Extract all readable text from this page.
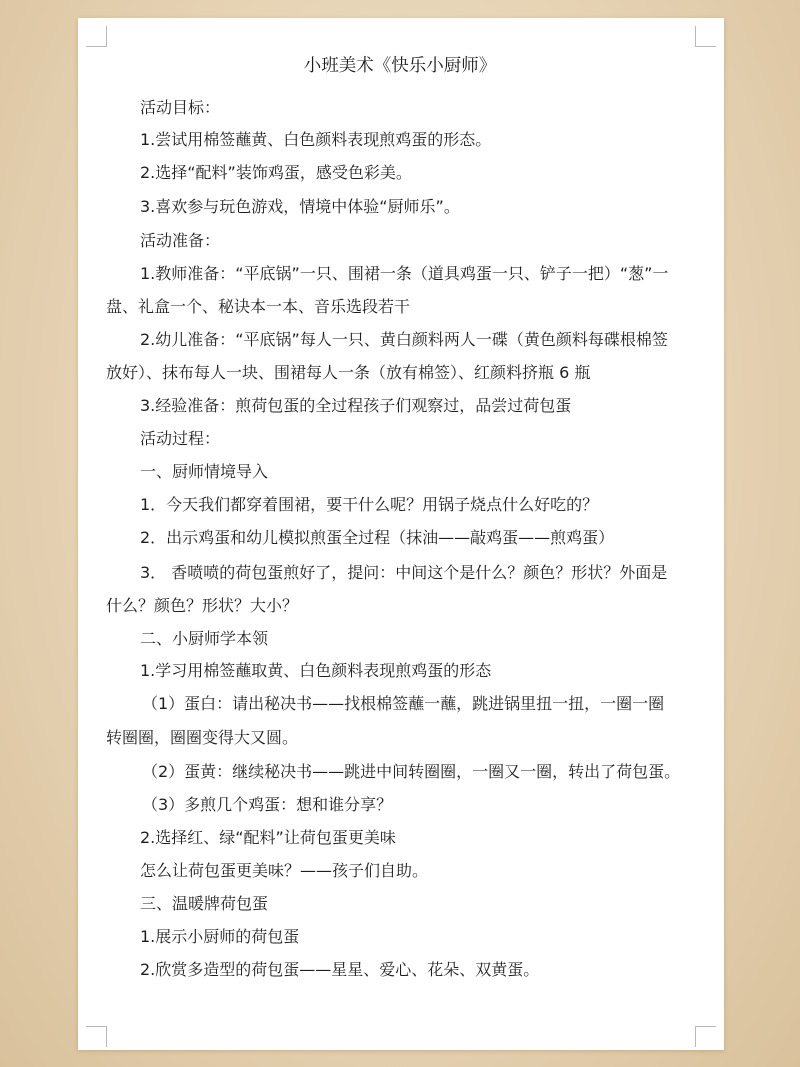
小班美术《快乐小厨师》
活动目标：
1.尝试用棉签蘸黄、白色颜料表现煎鸡蛋的形态。
2.选择“配料”装饰鸡蛋，感受色彩美。
3.喜欢参与玩色游戏，情境中体验“厨师乐”。
活动准备：
1.教师准备：“平底锅”一只、围裙一条（道具鸡蛋一只、铲子一把）“葱”一
盘、礼盒一个、秘诀本一本、音乐选段若干
2.幼儿准备：“平底锅”每人一只、黄白颜料两人一碟（黄色颜料每碟根棉签
放好）、抹布每人一块、围裙每人一条（放有棉签）、红颜料挤瓶 6 瓶
3.经验准备：煎荷包蛋的全过程孩子们观察过，品尝过荷包蛋
活动过程：
一、厨师情境导入
1．今天我们都穿着围裙，要干什么呢？用锅子烧点什么好吃的？
2．出示鸡蛋和幼儿模拟煎蛋全过程（抹油——敲鸡蛋——煎鸡蛋）
3． 香喷喷的荷包蛋煎好了，提问：中间这个是什么？颜色？形状？外面是
什么？颜色？形状？大小？
二、小厨师学本领
1.学习用棉签蘸取黄、白色颜料表现煎鸡蛋的形态
（1）蛋白：请出秘决书——找根棉签蘸一蘸，跳进锅里扭一扭，一圈一圈
转圈圈，圈圈变得大又圆。
（2）蛋黄：继续秘决书——跳进中间转圈圈，一圈又一圈，转出了荷包蛋。
（3）多煎几个鸡蛋：想和谁分享？
2.选择红、绿“配料”让荷包蛋更美味
怎么让荷包蛋更美味？——孩子们自助。
三、温暖牌荷包蛋
1.展示小厨师的荷包蛋
2.欣赏多造型的荷包蛋——星星、爱心、花朵、双黄蛋。
